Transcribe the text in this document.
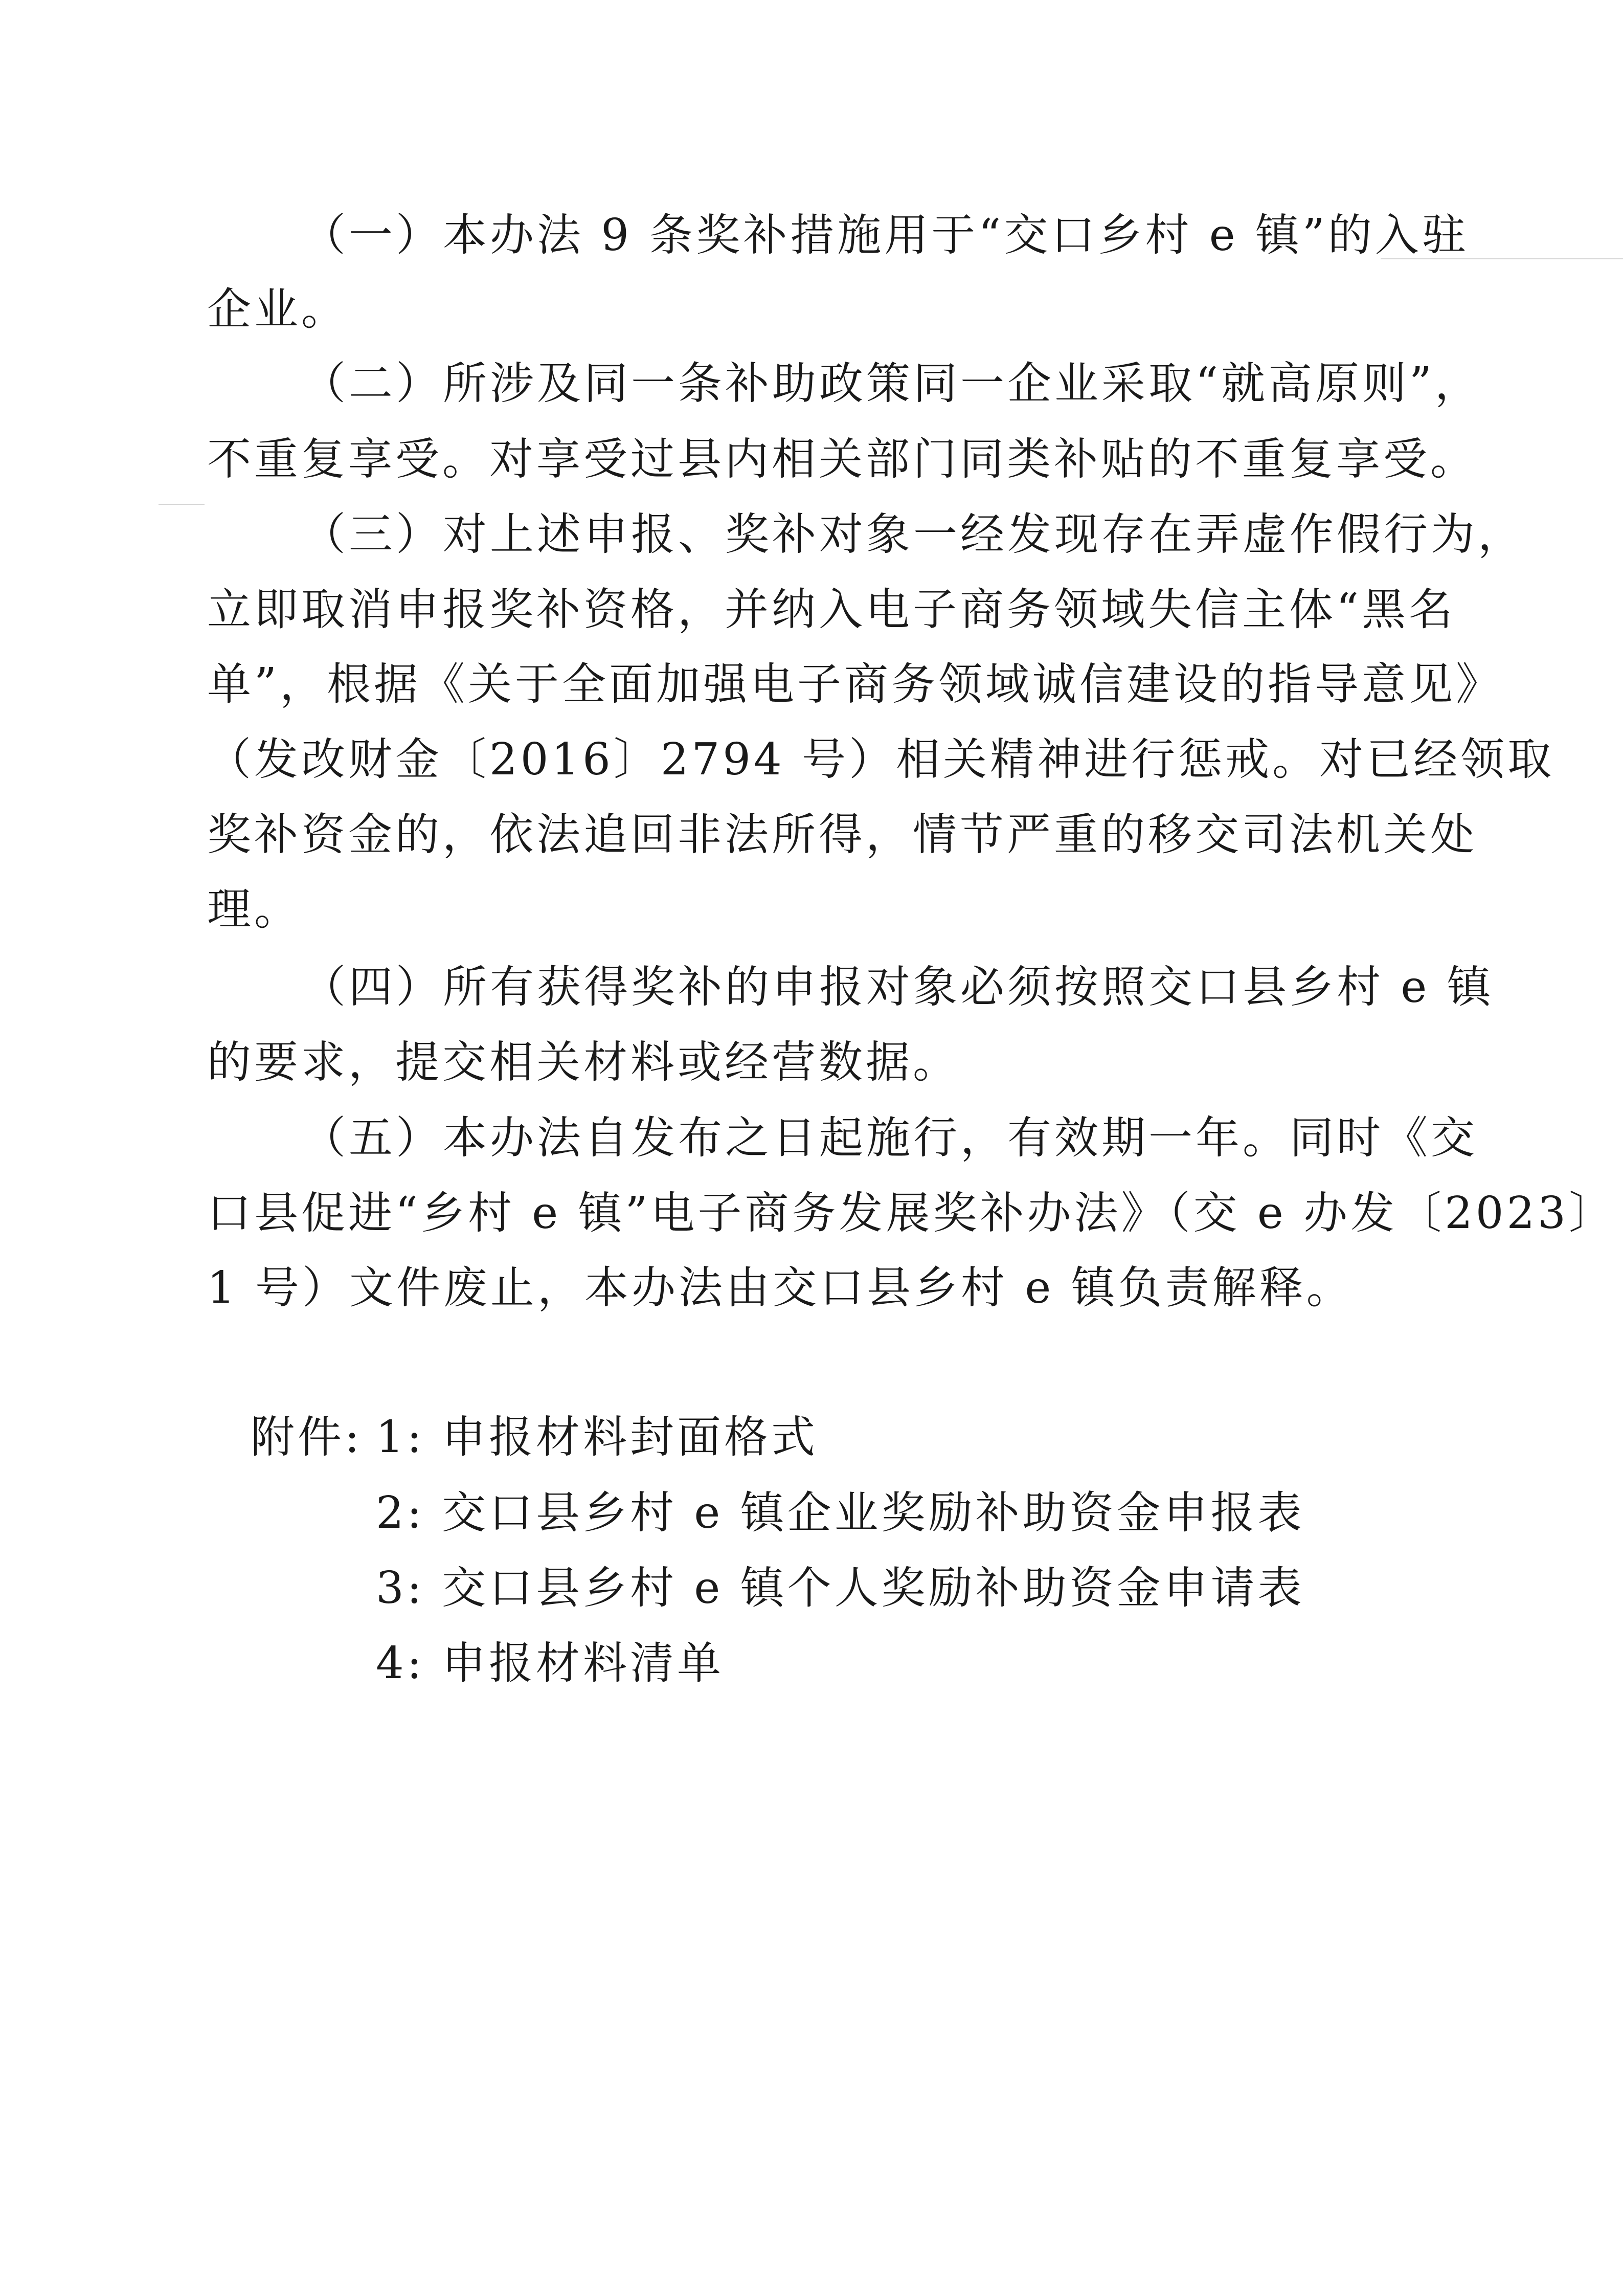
（一）本办法 9 条奖补措施用于“交口乡村 e 镇”的入驻
企业。
（二）所涉及同一条补助政策同一企业采取“就高原则”，
不重复享受。对享受过县内相关部门同类补贴的不重复享受。
（三）对上述申报、奖补对象一经发现存在弄虚作假行为，
立即取消申报奖补资格，并纳入电子商务领域失信主体“黑名
单”，根据《关于全面加强电子商务领域诚信建设的指导意见》
（发改财金〔2016〕2794 号）相关精神进行惩戒。对已经领取
奖补资金的，依法追回非法所得，情节严重的移交司法机关处
理。
（四）所有获得奖补的申报对象必须按照交口县乡村 e 镇
的要求，提交相关材料或经营数据。
（五）本办法自发布之日起施行，有效期一年。同时《交
口县促进“乡村 e 镇”电子商务发展奖补办法》（交 e 办发〔2023〕
1 号）文件废止，本办法由交口县乡村 e 镇负责解释。
附件: 1: 申报材料封面格式
2: 交口县乡村 e 镇企业奖励补助资金申报表
3: 交口县乡村 e 镇个人奖励补助资金申请表
4: 申报材料清单
